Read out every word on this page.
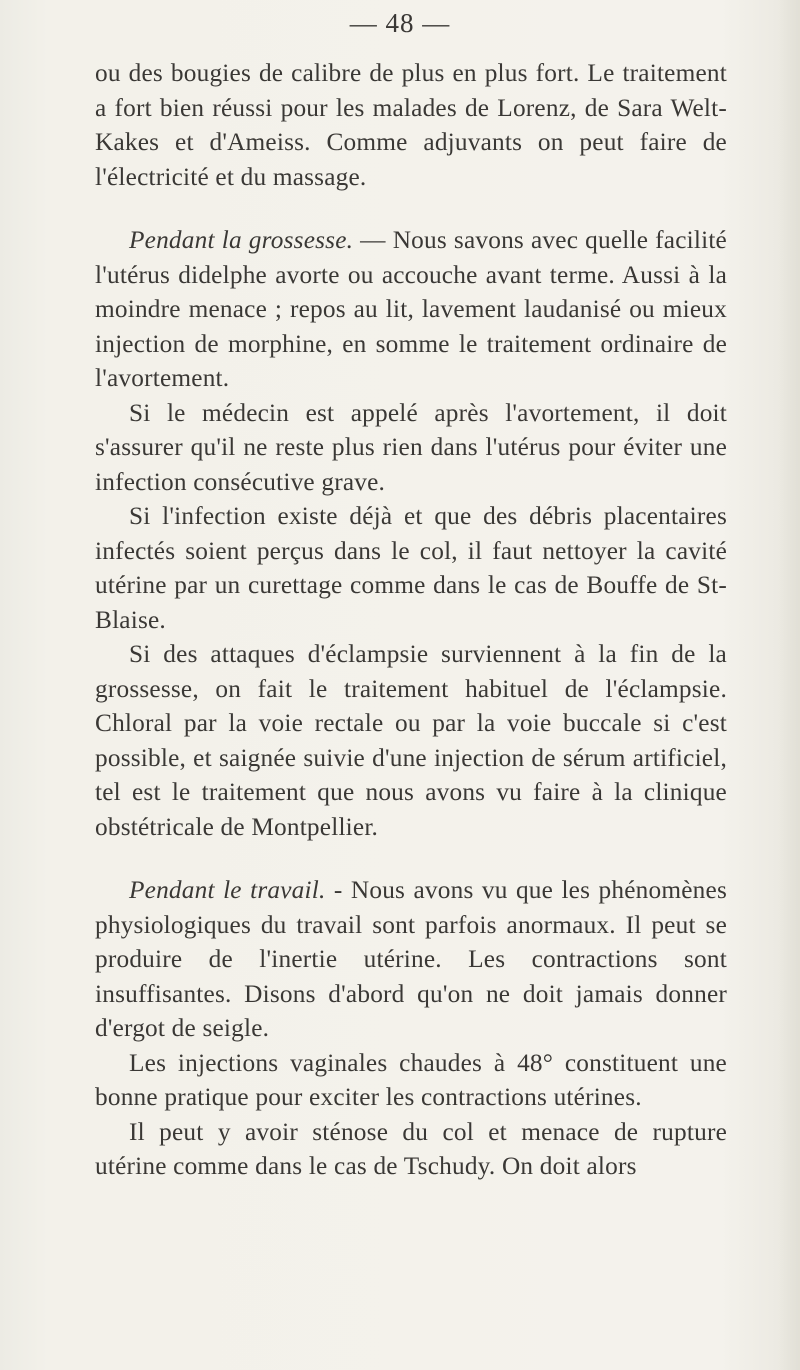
— 48 —

ou des bougies de calibre de plus en plus fort. Le traitement a fort bien réussi pour les malades de Lorenz, de Sara Welt-Kakes et d'Ameiss. Comme adjuvants on peut faire de l'électricité et du massage.

Pendant la grossesse. — Nous savons avec quelle facilité l'utérus didelphe avorte ou accouche avant terme. Aussi à la moindre menace ; repos au lit, lavement laudanisé ou mieux injection de morphine, en somme le traitement ordinaire de l'avortement.

Si le médecin est appelé après l'avortement, il doit s'assurer qu'il ne reste plus rien dans l'utérus pour éviter une infection consécutive grave.

Si l'infection existe déjà et que des débris placentaires infectés soient perçus dans le col, il faut nettoyer la cavité utérine par un curettage comme dans le cas de Bouffe de St-Blaise.

Si des attaques d'éclampsie surviennent à la fin de la grossesse, on fait le traitement habituel de l'éclampsie. Chloral par la voie rectale ou par la voie buccale si c'est possible, et saignée suivie d'une injection de sérum artificiel, tel est le traitement que nous avons vu faire à la clinique obstétricale de Montpellier.

Pendant le travail. - Nous avons vu que les phénomènes physiologiques du travail sont parfois anormaux. Il peut se produire de l'inertie utérine. Les contractions sont insuffisantes. Disons d'abord qu'on ne doit jamais donner d'ergot de seigle.

Les injections vaginales chaudes à 48° constituent une bonne pratique pour exciter les contractions utérines.

Il peut y avoir sténose du col et menace de rupture utérine comme dans le cas de Tschudy. On doit alors
